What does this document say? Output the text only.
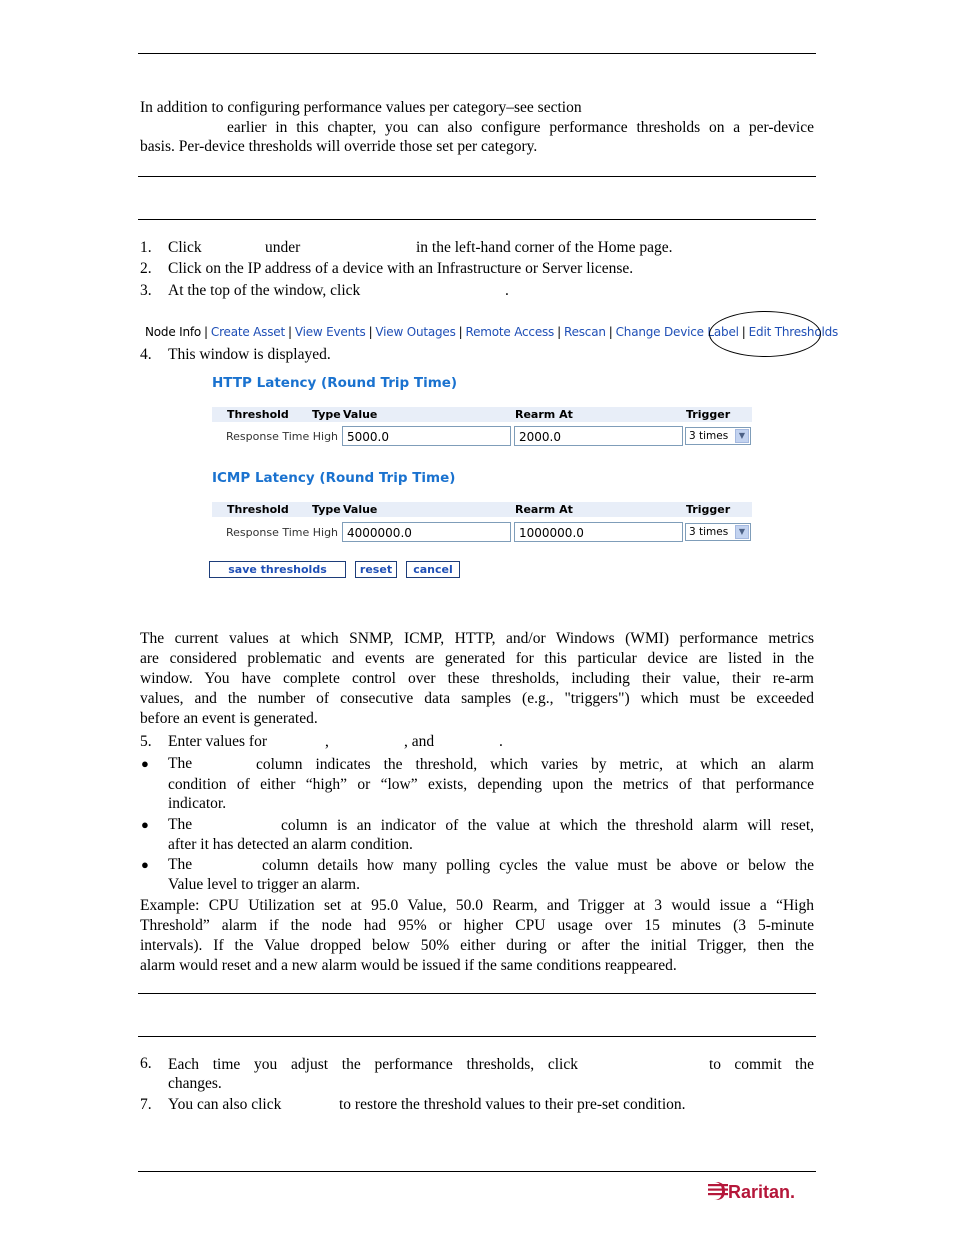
In addition to configuring performance values per category–see section
earlier in this chapter, you can also configure performance thresholds on a per-device
basis. Per-device thresholds will override those set per category.
1.	Click	under	in the left-hand corner of the Home page.
2.	Click on the IP address of a device with an Infrastructure or Server license.
3.	At the top of the window, click	.
Node Info | Create Asset | View Events | View Outages | Remote Access | Rescan | Change Device Label | Edit Thresholds
4.	This window is displayed.
HTTP Latency (Round Trip Time)
Threshold Type Value	Rearm At	Trigger
Response Time High 5000.0	2000.0	3 times	▼
ICMP Latency (Round Trip Time)
Threshold Type Value	Rearm At	Trigger
Response Time High 4000000.0	1000000.0	3 times	▼
save thresholds	reset	cancel
The current values at which SNMP, ICMP, HTTP, and/or Windows (WMI) performance metrics
are considered problematic and events are generated for this particular device are listed in the
window. You have complete control over these thresholds, including their value, their re-arm
values, and the number of consecutive data samples (e.g., "triggers") which must be exceeded
before an event is generated.
5.	Enter values for	,	, and	.
● The	column indicates the threshold, which varies by metric, at which an alarm
condition of either “high” or “low” exists, depending upon the metrics of that performance
indicator.
● The	column is an indicator of the value at which the threshold alarm will reset,
after it has detected an alarm condition.
● The	column details how many polling cycles the value must be above or below the
Value level to trigger an alarm.
Example: CPU Utilization set at 95.0 Value, 50.0 Rearm, and Trigger at 3 would issue a “High
Threshold” alarm if the node had 95% or higher CPU usage over 15 minutes (3 5-minute
intervals). If the Value dropped below 50% either during or after the initial Trigger, then the
alarm would reset and a new alarm would be issued if the same conditions reappeared.
6.	Each time you adjust the performance thresholds, click	to commit the
changes.
7.	You can also click	to restore the threshold values to their pre-set condition.
Raritan.
